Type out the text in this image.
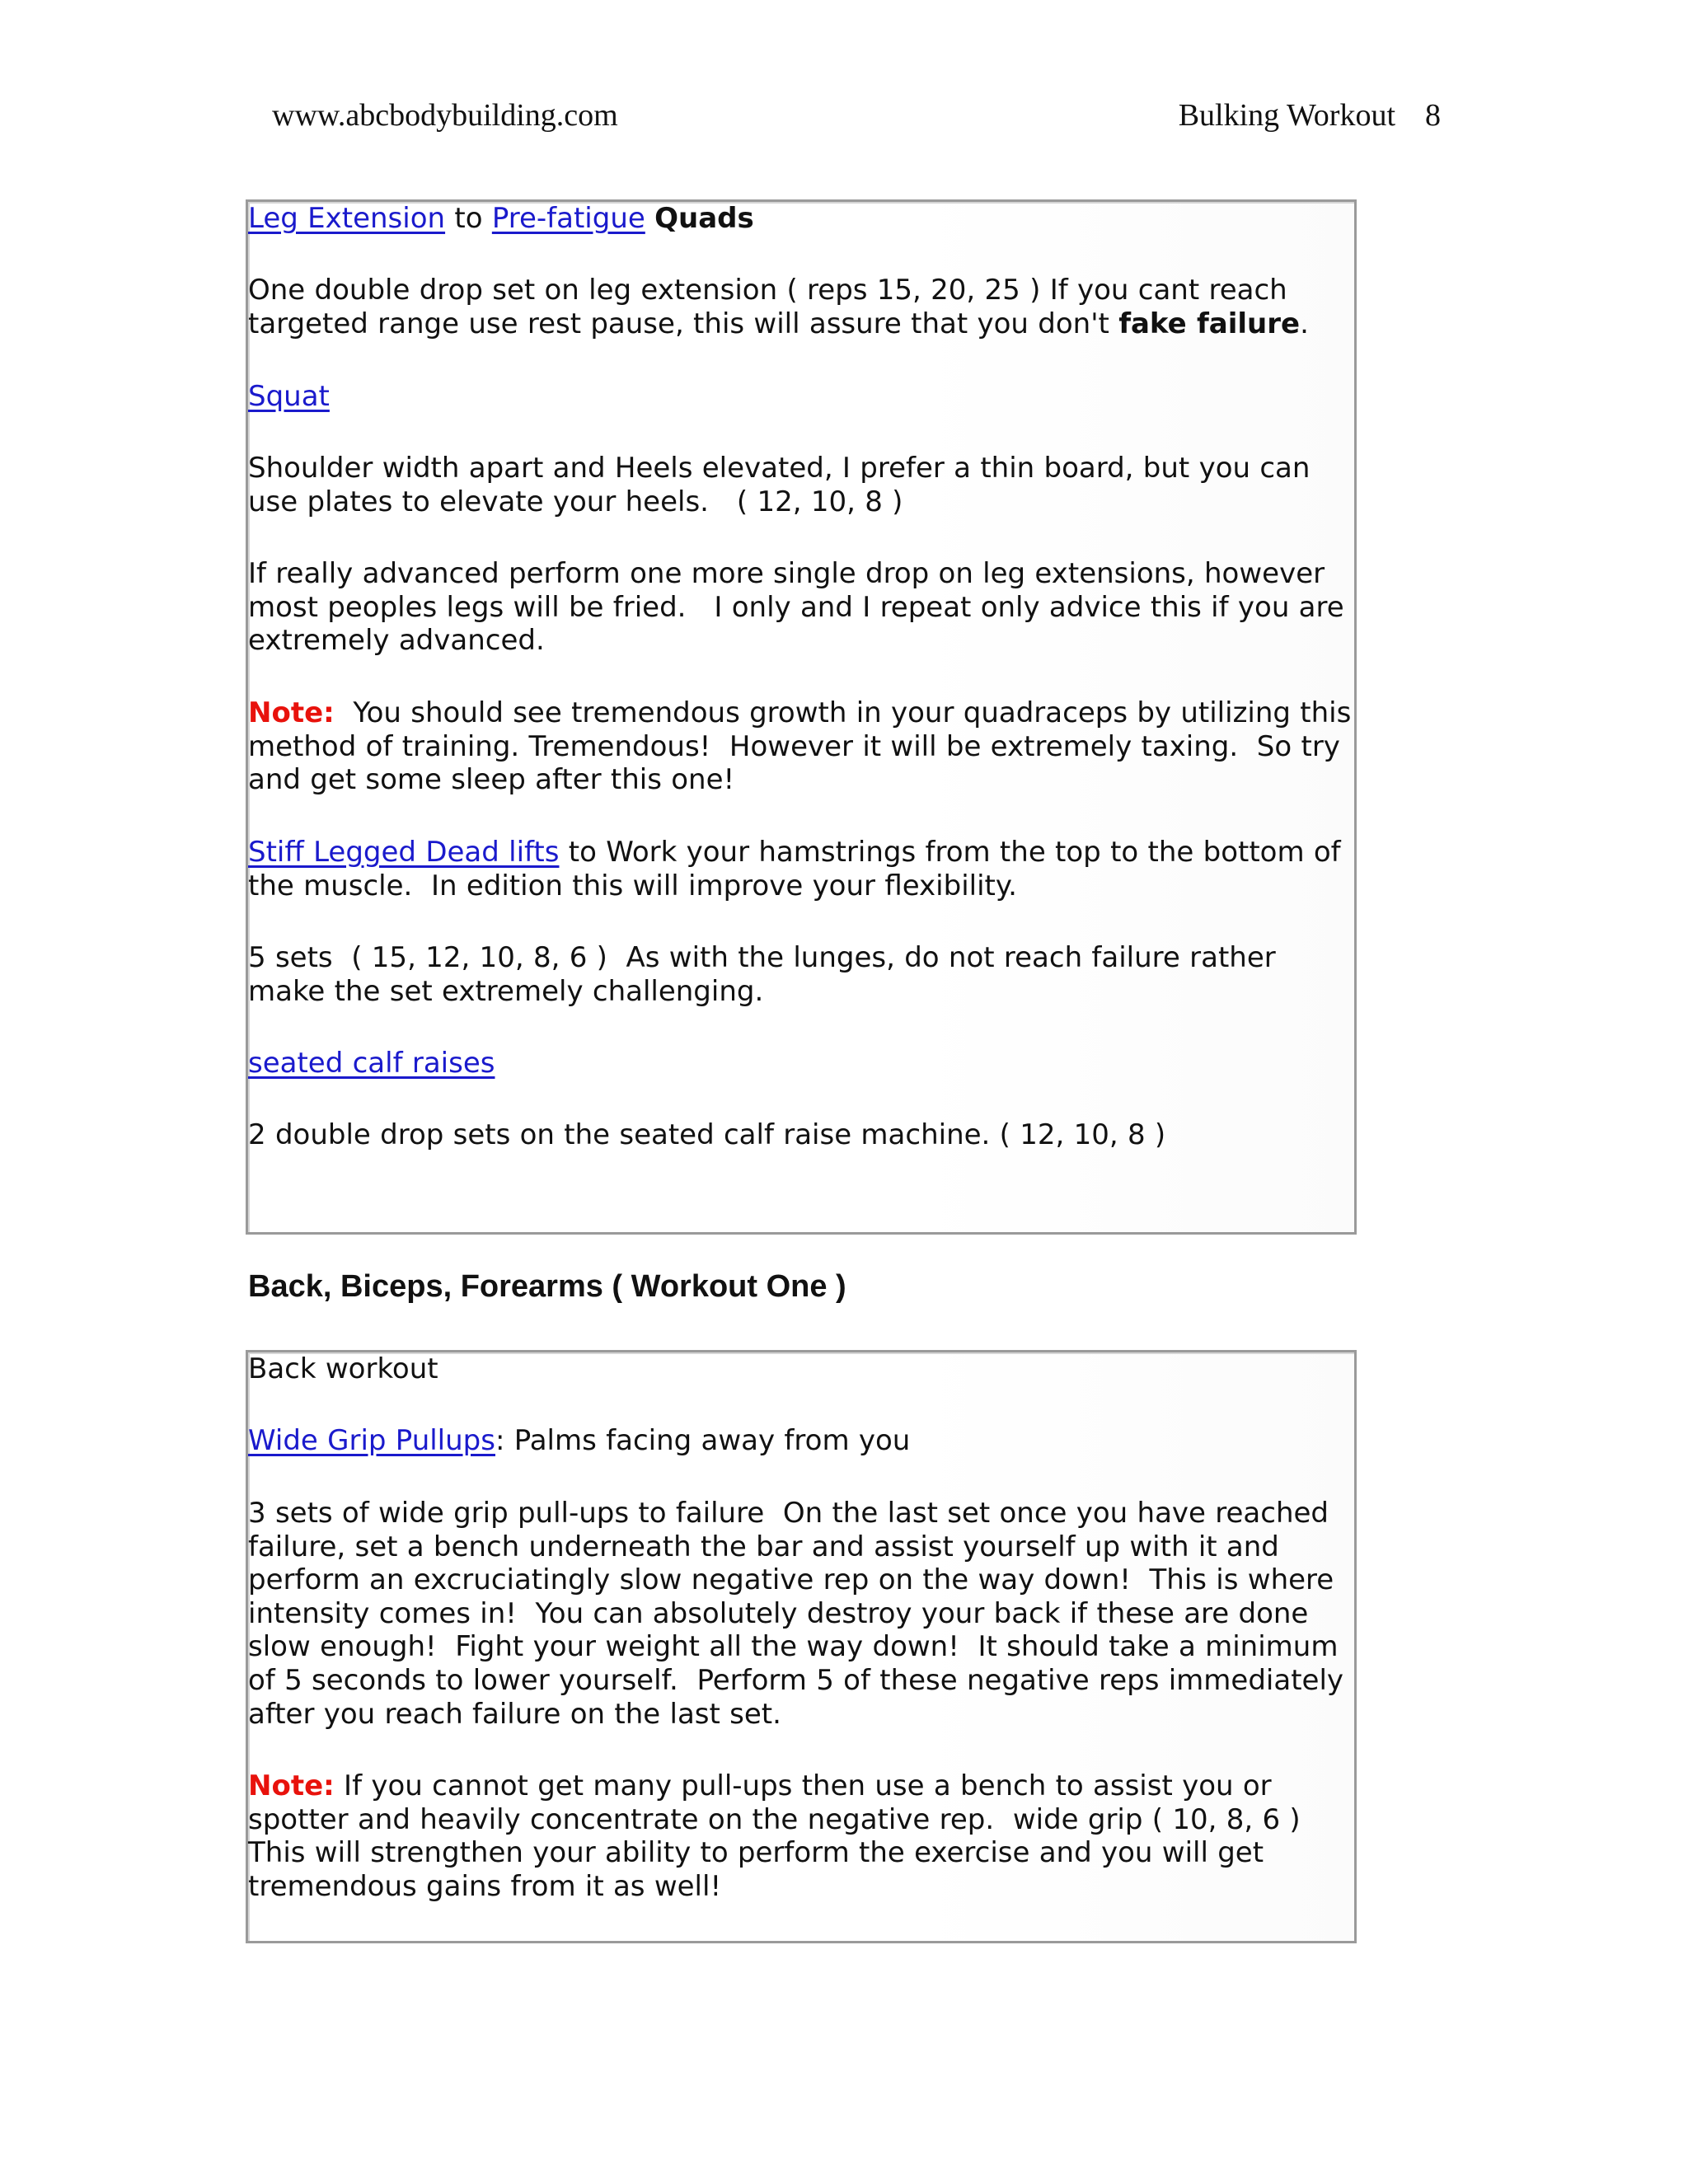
www.abcbodybuilding.com	Bulking Workout 8

Leg Extension to Pre-fatigue Quads

One double drop set on leg extension ( reps 15, 20, 25 ) If you cant reach

targeted range use rest pause, this will assure that you don't fake failure.

Squat

Shoulder width apart and Heels elevated, I prefer a thin board, but you can

use plates to elevate your heels.   ( 12, 10, 8 )

If really advanced perform one more single drop on leg extensions, however

most peoples legs will be fried.   I only and I repeat only advice this if you are

extremely advanced.

Note:  You should see tremendous growth in your quadraceps by utilizing this

method of training. Tremendous!  However it will be extremely taxing.  So try

and get some sleep after this one!

Stiff Legged Dead lifts to Work your hamstrings from the top to the bottom of

the muscle.  In edition this will improve your flexibility.

5 sets  ( 15, 12, 10, 8, 6 )  As with the lunges, do not reach failure rather

make the set extremely challenging.

seated calf raises

2 double drop sets on the seated calf raise machine. ( 12, 10, 8 )

Back, Biceps, Forearms ( Workout One )

Back workout

Wide Grip Pullups: Palms facing away from you

3 sets of wide grip pull-ups to failure  On the last set once you have reached

failure, set a bench underneath the bar and assist yourself up with it and

perform an excruciatingly slow negative rep on the way down!  This is where

intensity comes in!  You can absolutely destroy your back if these are done

slow enough!  Fight your weight all the way down!  It should take a minimum

of 5 seconds to lower yourself.  Perform 5 of these negative reps immediately

after you reach failure on the last set.

Note: If you cannot get many pull-ups then use a bench to assist you or

spotter and heavily concentrate on the negative rep.  wide grip ( 10, 8, 6 )

This will strengthen your ability to perform the exercise and you will get

tremendous gains from it as well!
